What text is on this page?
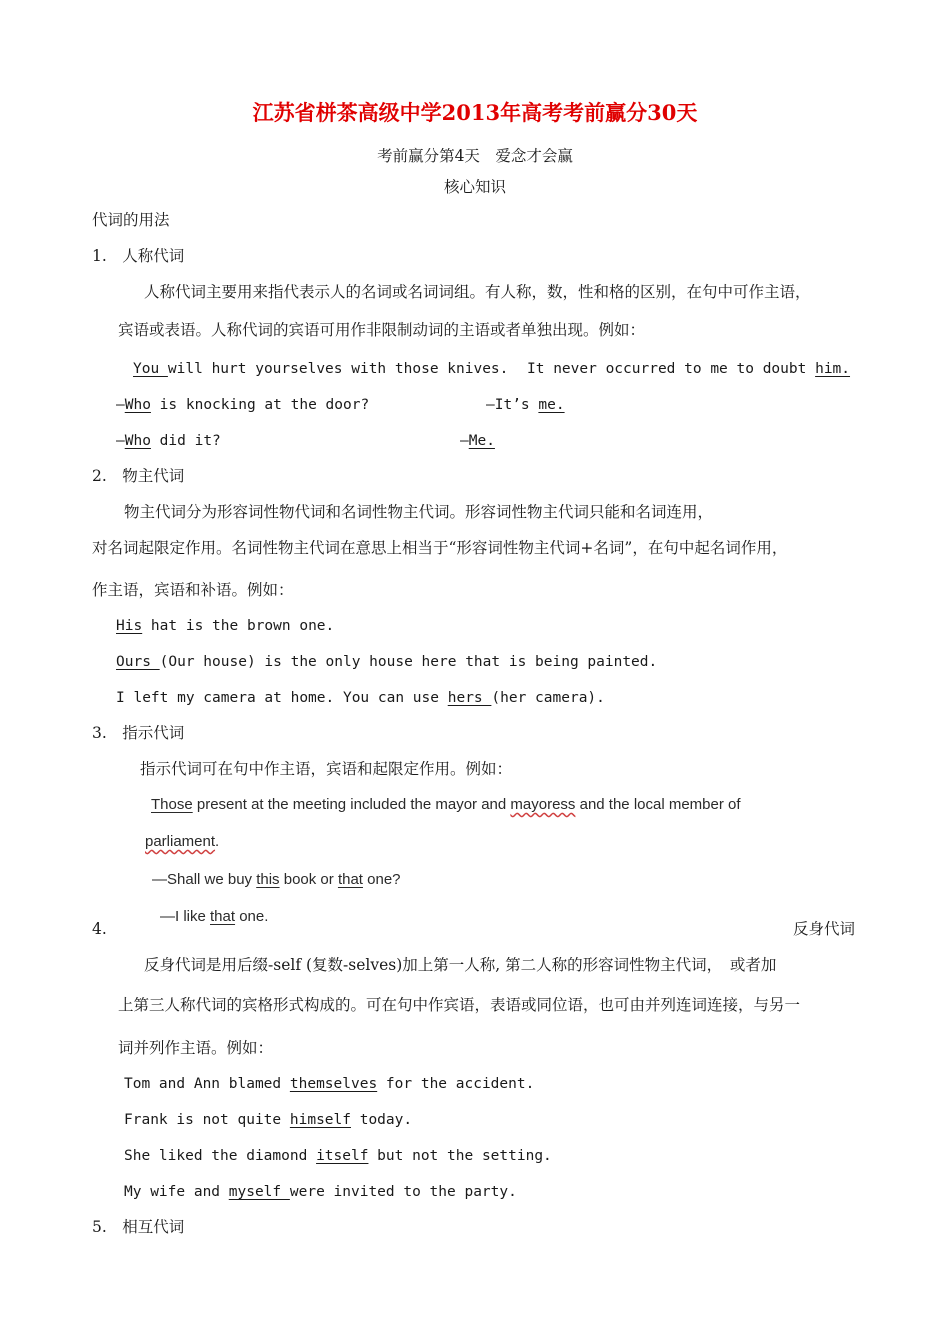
江苏省栟茶高级中学2013年高考考前赢分30天
考前赢分第4天　爱念才会赢
核心知识
代词的用法
1.　人称代词
人称代词主要用来指代表示人的名词或名词词组。有人称，数，性和格的区别，在句中可作主语，
宾语或表语。人称代词的宾语可用作非限制动词的主语或者单独出现。例如：
You will hurt yourselves with those knives. It never occurred to me to doubt him.
—Who is knocking at the door?	—It’s me.
—Who did it?	—Me.
2.　物主代词
物主代词分为形容词性物代词和名词性物主代词。形容词性物主代词只能和名词连用，
对名词起限定作用。名词性物主代词在意思上相当于“形容词性物主代词+名词”，在句中起名词作用，
作主语，宾语和补语。例如：
His hat is the brown one.
Ours (Our house) is the only house here that is being painted.
I left my camera at home. You can use hers (her camera).
3.　指示代词
指示代词可在句中作主语，宾语和起限定作用。例如：
Those present at the meeting included the mayor and mayoress and the local member of
parliament.
—Shall we buy this book or that one?
—I like that one.
4.	反身代词
反身代词是用后缀-self (复数-selves)加上第一人称, 第二人称的形容词性物主代词，　或者加
上第三人称代词的宾格形式构成的。可在句中作宾语，表语或同位语，也可由并列连词连接，与另一
词并列作主语。例如：
Tom and Ann blamed themselves for the accident.
Frank is not quite himself today.
She liked the diamond itself but not the setting.
My wife and myself were invited to the party.
5.　相互代词
